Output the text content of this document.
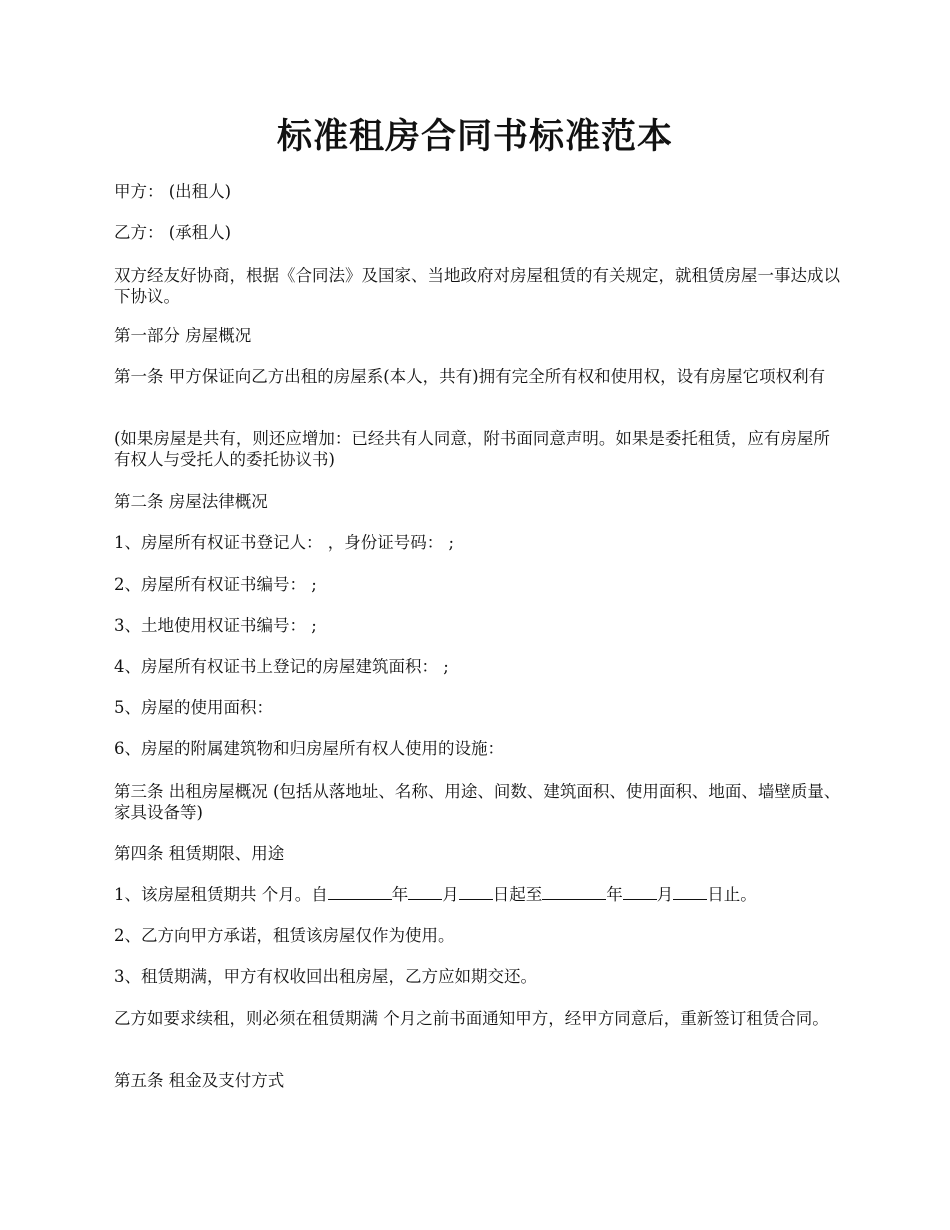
标准租房合同书标准范本

甲方： (出租人)

乙方： (承租人)

双方经友好协商，根据《合同法》及国家、当地政府对房屋租赁的有关规定，就租赁房屋一事达成以下协议。

第一部分 房屋概况

第一条 甲方保证向乙方出租的房屋系(本人，共有)拥有完全所有权和使用权，设有房屋它项权利有

(如果房屋是共有，则还应增加：已经共有人同意，附书面同意声明。如果是委托租赁，应有房屋所有权人与受托人的委托协议书)

第二条 房屋法律概况

1、房屋所有权证书登记人： ，身份证号码： ;

2、房屋所有权证书编号： ;

3、土地使用权证书编号： ;

4、房屋所有权证书上登记的房屋建筑面积： ;

5、房屋的使用面积：

6、房屋的附属建筑物和归房屋所有权人使用的设施：

第三条 出租房屋概况 (包括从落地址、名称、用途、间数、建筑面积、使用面积、地面、墙壁质量、家具设备等)

第四条 租赁期限、用途

1、该房屋租赁期共 个月。自	年 月 日起至	年 月 日止。

2、乙方向甲方承诺，租赁该房屋仅作为使用。

3、租赁期满，甲方有权收回出租房屋，乙方应如期交还。

乙方如要求续租，则必须在租赁期满 个月之前书面通知甲方，经甲方同意后，重新签订租赁合同。

第五条 租金及支付方式
